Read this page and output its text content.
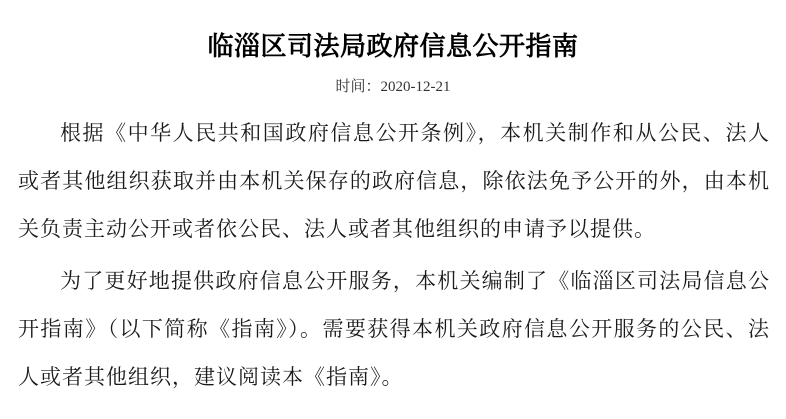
临淄区司法局政府信息公开指南
时间：2020-12-21

根据《中华人民共和国政府信息公开条例》，本机关制作和从公民、法人或者其他组织获取并由本机关保存的政府信息，除依法免予公开的外，由本机关负责主动公开或者依公民、法人或者其他组织的申请予以提供。

为了更好地提供政府信息公开服务，本机关编制了《临淄区司法局信息公开指南》（以下简称《指南》）。需要获得本机关政府信息公开服务的公民、法人或者其他组织，建议阅读本《指南》。
